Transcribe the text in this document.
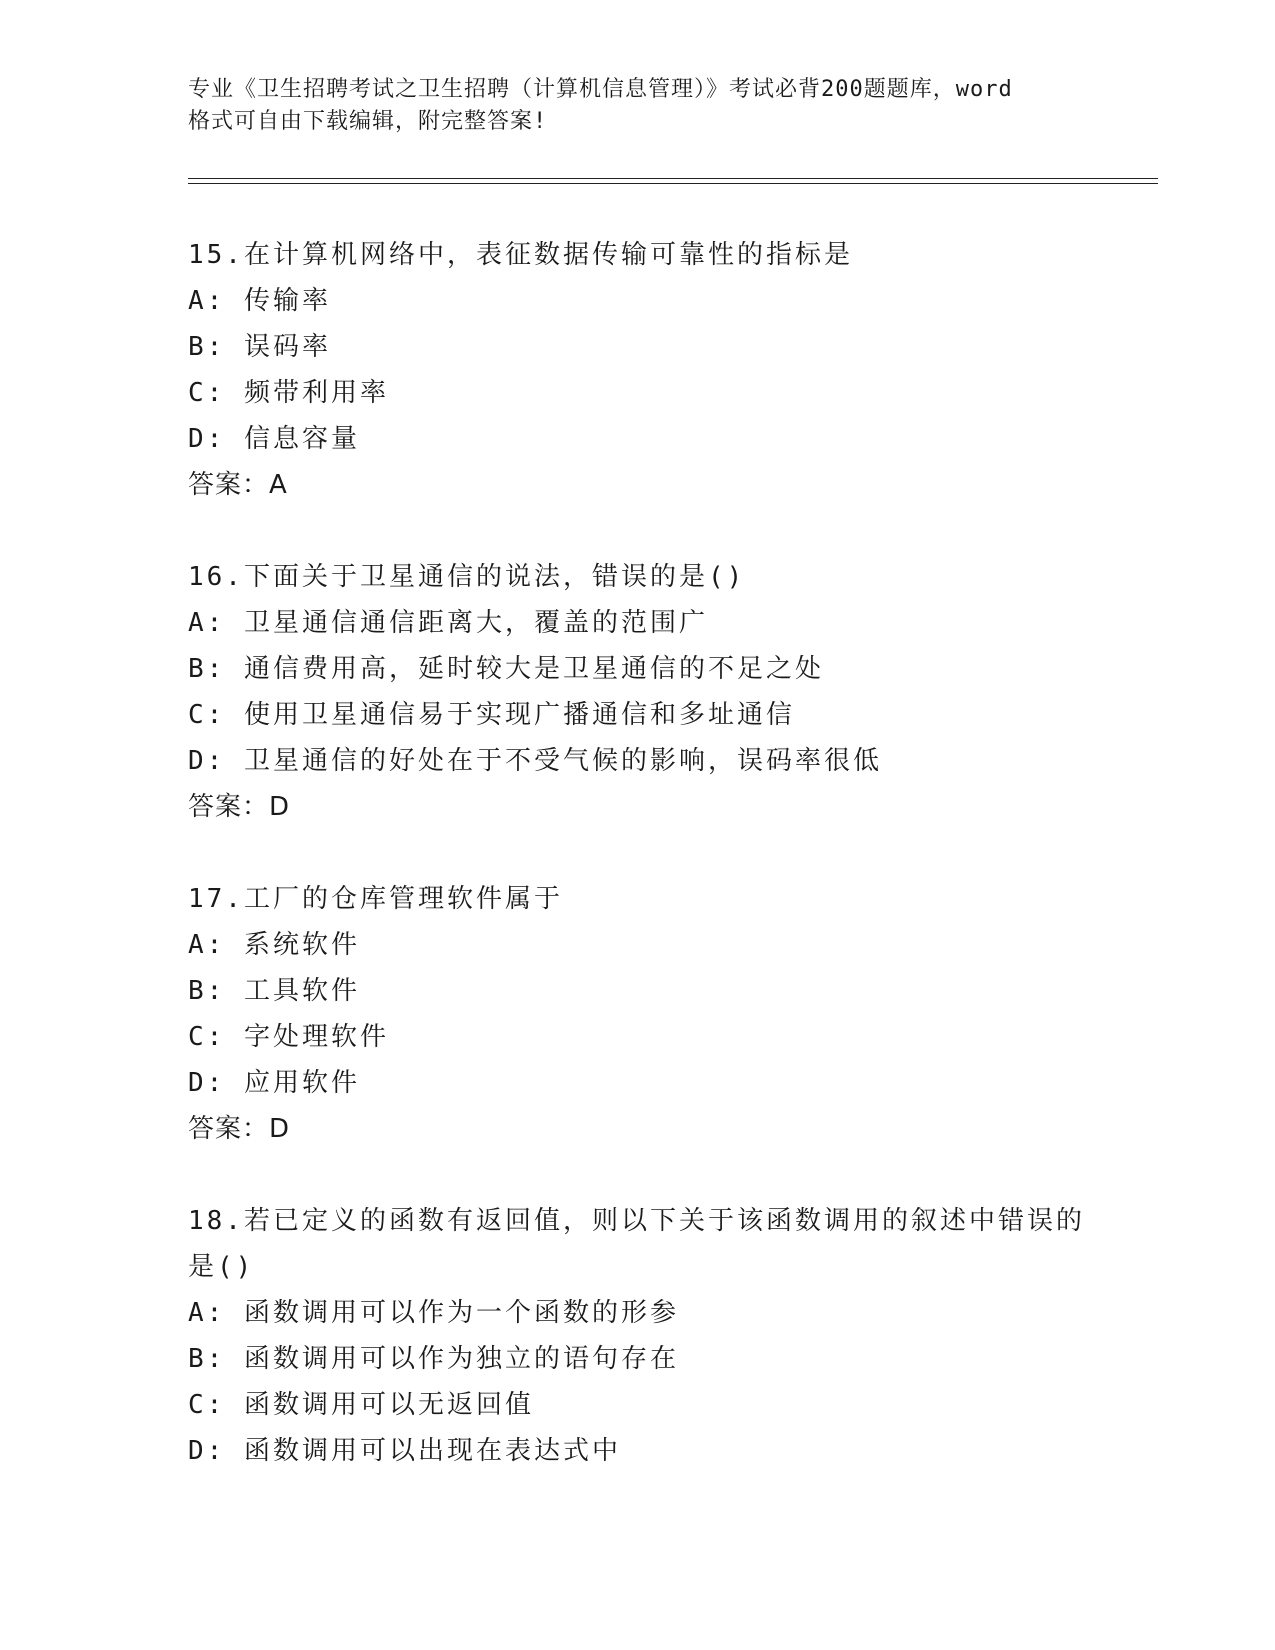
专业《卫生招聘考试之卫生招聘（计算机信息管理）》考试必背200题题库，word
格式可自由下载编辑，附完整答案!
15.在计算机网络中，表征数据传输可靠性的指标是
A: 传输率
B: 误码率
C: 频带利用率
D: 信息容量
答案：A
16.下面关于卫星通信的说法，错误的是()
A: 卫星通信通信距离大，覆盖的范围广
B: 通信费用高，延时较大是卫星通信的不足之处
C: 使用卫星通信易于实现广播通信和多址通信
D: 卫星通信的好处在于不受气候的影响，误码率很低
答案：D
17.工厂的仓库管理软件属于
A: 系统软件
B: 工具软件
C: 字处理软件
D: 应用软件
答案：D
18.若已定义的函数有返回值，则以下关于该函数调用的叙述中错误的是()
A: 函数调用可以作为一个函数的形参
B: 函数调用可以作为独立的语句存在
C: 函数调用可以无返回值
D: 函数调用可以出现在表达式中
